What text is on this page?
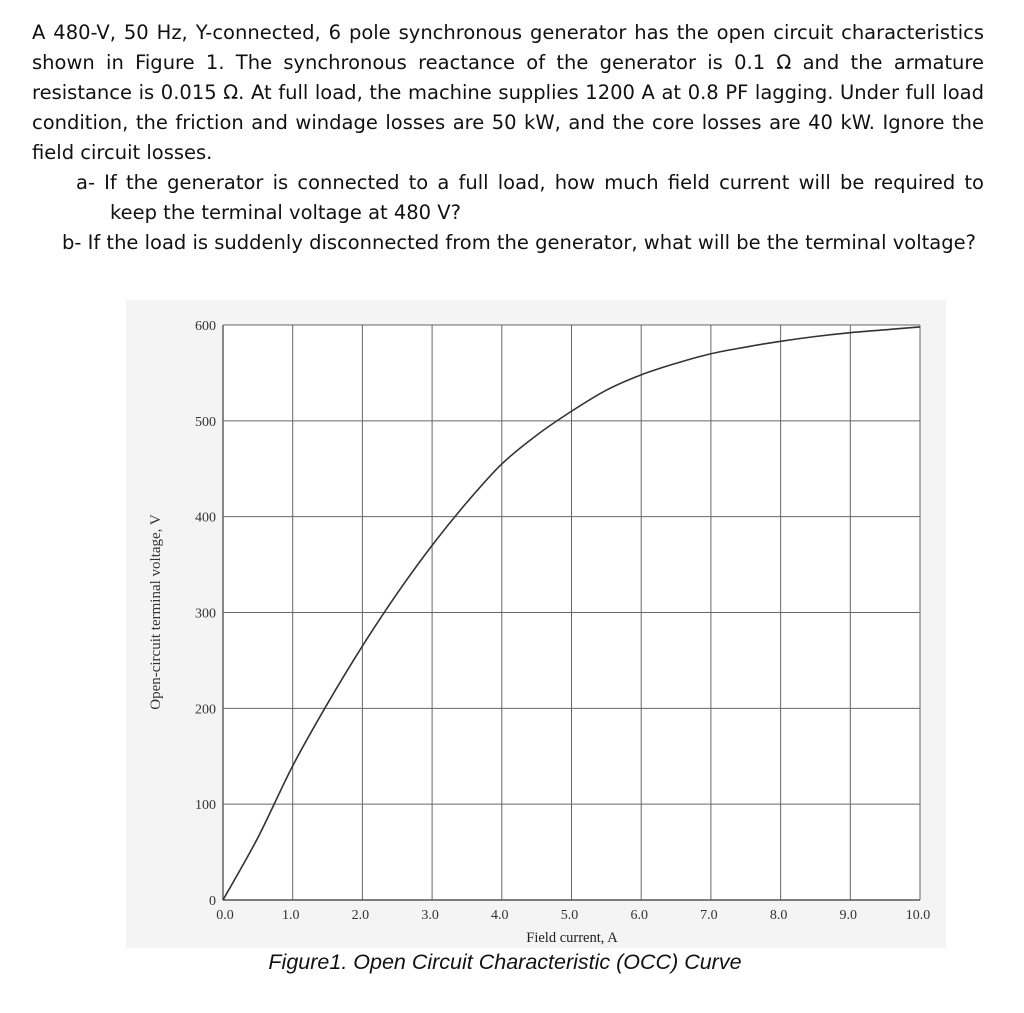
A 480-V, 50 Hz, Y-connected, 6 pole synchronous generator has the open circuit characteristics shown in Figure 1. The synchronous reactance of the generator is 0.1 Ω and the armature resistance is 0.015 Ω. At full load, the machine supplies 1200 A at 0.8 PF lagging. Under full load condition, the friction and windage losses are 50 kW, and the core losses are 40 kW. Ignore the field circuit losses.

a- If the generator is connected to a full load, how much field current will be required to keep the terminal voltage at 480 V?

b- If the load is suddenly disconnected from the generator, what will be the terminal voltage?

0.0	1.0	2.0	3.0	4.0	5.0	6.0	7.0	8.0	9.0	10.0
0
100
200
300
400
500
600
Field current, A
Open-circuit terminal voltage, V
Figure1. Open Circuit Characteristic (OCC) Curve
